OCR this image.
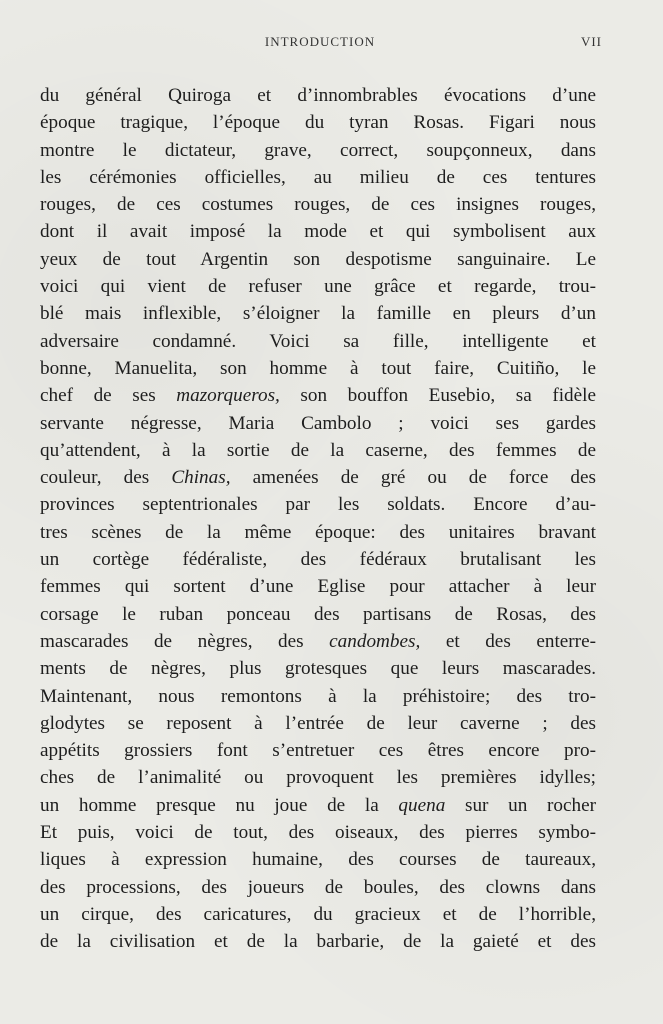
INTRODUCTION	VII
du général Quiroga et d’innombrables évocations d’une
époque tragique, l’époque du tyran Rosas. Figari nous
montre le dictateur, grave, correct, soupçonneux, dans
les cérémonies officielles, au milieu de ces tentures
rouges, de ces costumes rouges, de ces insignes rouges,
dont il avait imposé la mode et qui symbolisent aux
yeux de tout Argentin son despotisme sanguinaire. Le
voici qui vient de refuser une grâce et regarde, trou-
blé mais inflexible, s’éloigner la famille en pleurs d’un
adversaire condamné. Voici sa fille, intelligente et
bonne, Manuelita, son homme à tout faire, Cuitiño, le
chef de ses mazorqueros, son bouffon Eusebio, sa fidèle
servante négresse, Maria Cambolo ; voici ses gardes
qu’attendent, à la sortie de la caserne, des femmes de
couleur, des Chinas, amenées de gré ou de force des
provinces septentrionales par les soldats. Encore d’au-
tres scènes de la même époque: des unitaires bravant
un cortège fédéraliste, des fédéraux brutalisant les
femmes qui sortent d’une Eglise pour attacher à leur
corsage le ruban ponceau des partisans de Rosas, des
mascarades de nègres, des candombes, et des enterre-
ments de nègres, plus grotesques que leurs mascarades.
Maintenant, nous remontons à la préhistoire; des tro-
glodytes se reposent à l’entrée de leur caverne ; des
appétits grossiers font s’entretuer ces êtres encore pro-
ches de l’animalité ou provoquent les premières idylles;
un homme presque nu joue de la quena sur un rocher
Et puis, voici de tout, des oiseaux, des pierres symbo-
liques à expression humaine, des courses de taureaux,
des processions, des joueurs de boules, des clowns dans
un cirque, des caricatures, du gracieux et de l’horrible,
de la civilisation et de la barbarie, de la gaieté et des
